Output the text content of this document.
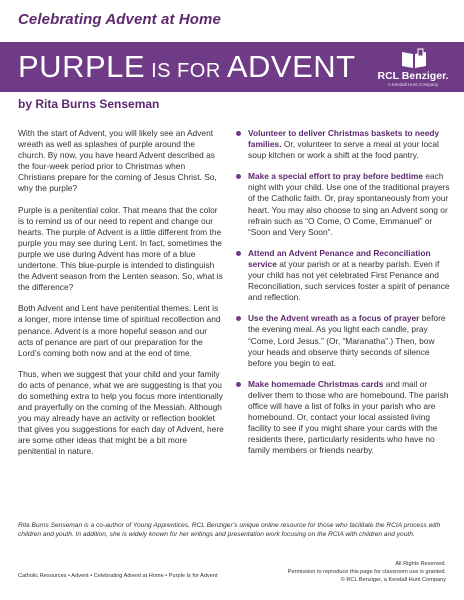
Celebrating Advent at Home
PURPLE IS FOR ADVENT	RCL Benziger.
A Kendall Hunt Company
by Rita Burns Senseman

With the start of Advent, you will likely see an Advent wreath as well as splashes of purple around the church. By now, you have heard Advent described as the four-week period prior to Christmas when Christians prepare for the coming of Jesus Christ. So, why the purple?

Purple is a penitential color. That means that the color is to remind us of our need to repent and change our hearts. The purple of Advent is a little different from the purple you may see during Lent. In fact, sometimes the purple we use during Advent has more of a blue undertone. This blue-purple is intended to distinguish the Advent season from the Lenten season. So, what is the difference?

Both Advent and Lent have penitential themes. Lent is a longer, more intense time of spiritual recollection and penance. Advent is a more hopeful season and our acts of penance are part of our preparation for the Lord’s coming both now and at the end of time.

Thus, when we suggest that your child and your family do acts of penance, what we are suggesting is that you do something extra to help you focus more intentionally and prayerfully on the coming of the Messiah. Although you may already have an activity or reflection booklet that gives you suggestions for each day of Advent, here are some other ideas that might be a bit more penitential in nature.

Volunteer to deliver Christmas baskets to needy families. Or, volunteer to serve a meal at your local soup kitchen or work a shift at the food pantry.
Make a special effort to pray before bedtime each night with your child. Use one of the traditional prayers of the Catholic faith. Or, pray spontaneously from your heart. You may also choose to sing an Advent song or refrain such as “O Come, O Come, Emmanuel” or “Soon and Very Soon”.
Attend an Advent Penance and Reconciliation service at your parish or at a nearby parish. Even if your child has not yet celebrated First Penance and Reconciliation, such services foster a spirit of penance and reflection.
Use the Advent wreath as a focus of prayer before the evening meal. As you light each candle, pray “Come, Lord Jesus.” (Or, “Maranatha”.) Then, bow your heads and observe thirty seconds of silence before you begin to eat.
Make homemade Christmas cards and mail or deliver them to those who are homebound. The parish office will have a list of folks in your parish who are homebound. Or, contact your local assisted living facility to see if you might share your cards with the residents there, particularly residents who have no family members or friends nearby.
Rita Burns Senseman is a co-author of Young Apprentices, RCL Benziger’s unique online resource for those who facilitate the RCIA process with children and youth. In addition, she is widely known for her writings and presentation work focusing on the RCIA with children and youth.
Catholic Resources • Advent • Celebrating Advent at Home • Purple Is for Advent
All Rights Reserved.
Permission to reproduce this page for classroom use is granted.
© RCL Benziger, a Kendall Hunt Company
